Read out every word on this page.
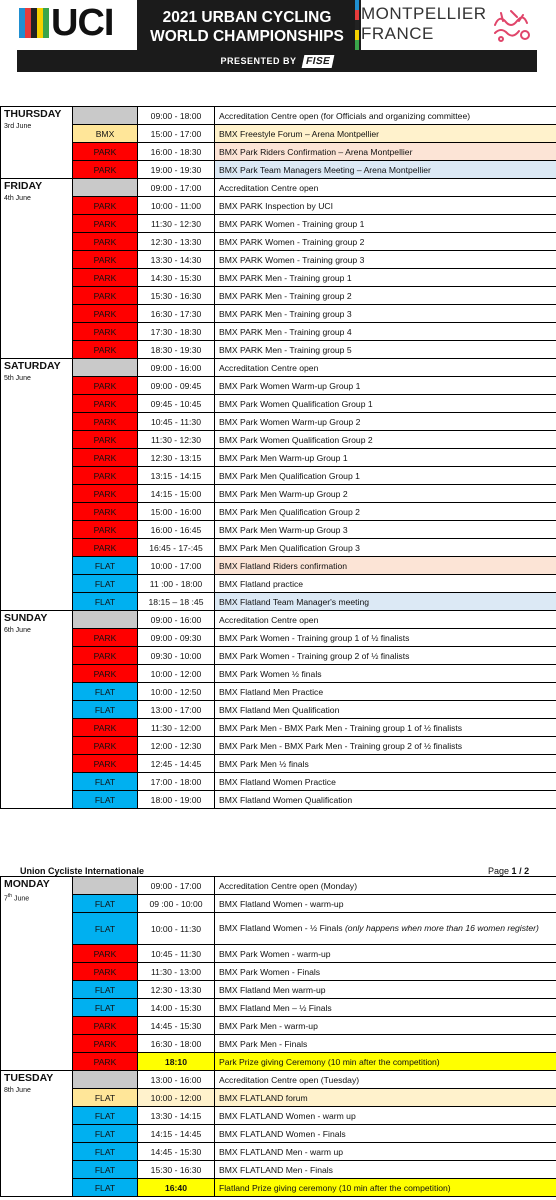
UCI	2021 URBAN CYCLING
WORLD CHAMPIONSHIPS
MONTPELLIER
FRANCE
PRESENTED BY FISE
THURSDAY
3rd June		09:00 - 18:00	Accreditation Centre open (for Officials and organizing committee)
	BMX	15:00 - 17:00	BMX Freestyle Forum – Arena Montpellier
	PARK	16:00 - 18:30	BMX Park Riders Confirmation – Arena Montpellier
	PARK	19:00 - 19:30	BMX Park Team Managers Meeting – Arena Montpellier

FRIDAY
4th June		09:00 - 17:00	Accreditation Centre open
	PARK	10:00 - 11:00	BMX PARK Inspection by UCI
	PARK	11:30 - 12:30	BMX PARK Women - Training group 1
	PARK	12:30 - 13:30	BMX PARK Women - Training group 2
	PARK	13:30 - 14:30	BMX PARK Women - Training group 3
	PARK	14:30 - 15:30	BMX PARK Men - Training group 1
	PARK	15:30 - 16:30	BMX PARK Men - Training group 2
	PARK	16:30 - 17:30	BMX PARK Men - Training group 3
	PARK	17:30 - 18:30	BMX PARK Men - Training group 4
	PARK	18:30 - 19:30	BMX PARK Men - Training group 5

SATURDAY
5th June		09:00 - 16:00	Accreditation Centre open
	PARK	09:00 - 09:45	BMX Park Women Warm-up Group 1
	PARK	09:45 - 10:45	BMX Park Women Qualification Group 1
	PARK	10:45 - 11:30	BMX Park Women Warm-up Group 2
	PARK	11:30 - 12:30	BMX Park Women Qualification Group 2
	PARK	12:30 - 13:15	BMX Park Men Warm-up Group 1
	PARK	13:15 - 14:15	BMX Park Men Qualification Group 1
	PARK	14:15 - 15:00	BMX Park Men Warm-up Group 2
	PARK	15:00 - 16:00	BMX Park Men Qualification Group 2
	PARK	16:00 - 16:45	BMX Park Men Warm-up Group 3
	PARK	16:45 - 17-:45	BMX Park Men Qualification Group 3
	FLAT	10:00 - 17:00	BMX Flatland Riders confirmation
	FLAT	11 :00 - 18:00	BMX Flatland practice
	FLAT	18:15 – 18 :45	BMX Flatland Team Manager's meeting

SUNDAY
6th June		09:00 - 16:00	Accreditation Centre open
	PARK	09:00 - 09:30	BMX Park Women - Training group 1 of ½ finalists
	PARK	09:30 - 10:00	BMX Park Women - Training group 2 of ½ finalists
	PARK	10:00 - 12:00	BMX Park Women ½ finals
	FLAT	10:00 - 12:50	BMX Flatland Men Practice
	FLAT	13:00 - 17:00	BMX Flatland Men Qualification
	PARK	11:30 - 12:00	BMX Park Men - BMX Park Men - Training group 1 of ½ finalists
	PARK	12:00 - 12:30	BMX Park Men - BMX Park Men - Training group 2 of ½ finalists
	PARK	12:45 - 14:45	BMX Park Men ½ finals
	FLAT	17:00 - 18:00	BMX Flatland Women Practice
	FLAT	18:00 - 19:00	BMX Flatland Women Qualification
Union Cycliste Internationale	Page 1 / 2
MONDAY
7th June		09:00 - 17:00	Accreditation Centre open (Monday)
	FLAT	09 :00 - 10:00	BMX Flatland Women - warm-up
	FLAT	10:00 - 11:30	BMX Flatland Women - ½ Finals (only happens when more than 16 women register)
	PARK	10:45 - 11:30	BMX Park Women - warm-up
	PARK	11:30 - 13:00	BMX Park Women - Finals
	FLAT	12:30 - 13:30	BMX Flatland Men warm-up
	FLAT	14:00 - 15:30	BMX Flatland Men – ½ Finals
	PARK	14:45 - 15:30	BMX Park Men - warm-up
	PARK	16:30 - 18:00	BMX Park Men - Finals
	PARK	18:10	Park Prize giving Ceremony (10 min after the competition)

TUESDAY
8th June		13:00 - 16:00	Accreditation Centre open (Tuesday)
	FLAT	10:00 - 12:00	BMX FLATLAND forum
	FLAT	13:30 - 14:15	BMX FLATLAND Women - warm up
	FLAT	14:15 - 14:45	BMX FLATLAND Women - Finals
	FLAT	14:45 - 15:30	BMX FLATLAND Men - warm up
	FLAT	15:30 - 16:30	BMX FLATLAND Men - Finals
	FLAT	16:40	Flatland Prize giving ceremony (10 min after the competition)
